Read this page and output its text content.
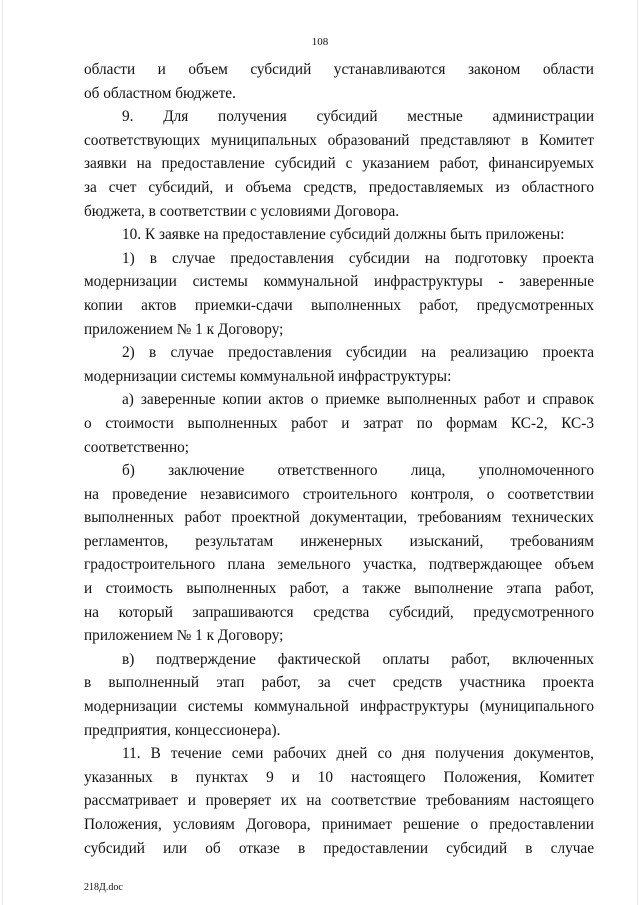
108
области и объем субсидий устанавливаются законом области
об областном бюджете.
9. Для получения субсидий местные администрации
соответствующих муниципальных образований представляют в Комитет
заявки на предоставление субсидий с указанием работ, финансируемых
за счет субсидий, и объема средств, предоставляемых из областного
бюджета, в соответствии с условиями Договора.
10. К заявке на предоставление субсидий должны быть приложены:
1) в случае предоставления субсидии на подготовку проекта
модернизации системы коммунальной инфраструктуры - заверенные
копии актов приемки-сдачи выполненных работ, предусмотренных
приложением № 1 к Договору;
2) в случае предоставления субсидии на реализацию проекта
модернизации системы коммунальной инфраструктуры:
а) заверенные копии актов о приемке выполненных работ и справок
о стоимости выполненных работ и затрат по формам КС-2, КС-3
соответственно;
б) заключение ответственного лица, уполномоченного
на проведение независимого строительного контроля, о соответствии
выполненных работ проектной документации, требованиям технических
регламентов, результатам инженерных изысканий, требованиям
градостроительного плана земельного участка, подтверждающее объем
и стоимость выполненных работ, а также выполнение этапа работ,
на который запрашиваются средства субсидий, предусмотренного
приложением № 1 к Договору;
в) подтверждение фактической оплаты работ, включенных
в выполненный этап работ, за счет средств участника проекта
модернизации системы коммунальной инфраструктуры (муниципального
предприятия, концессионера).
11. В течение семи рабочих дней со дня получения документов,
указанных в пунктах 9 и 10 настоящего Положения, Комитет
рассматривает и проверяет их на соответствие требованиям настоящего
Положения, условиям Договора, принимает решение о предоставлении
субсидий или об отказе в предоставлении субсидий в случае
218Д.doc
